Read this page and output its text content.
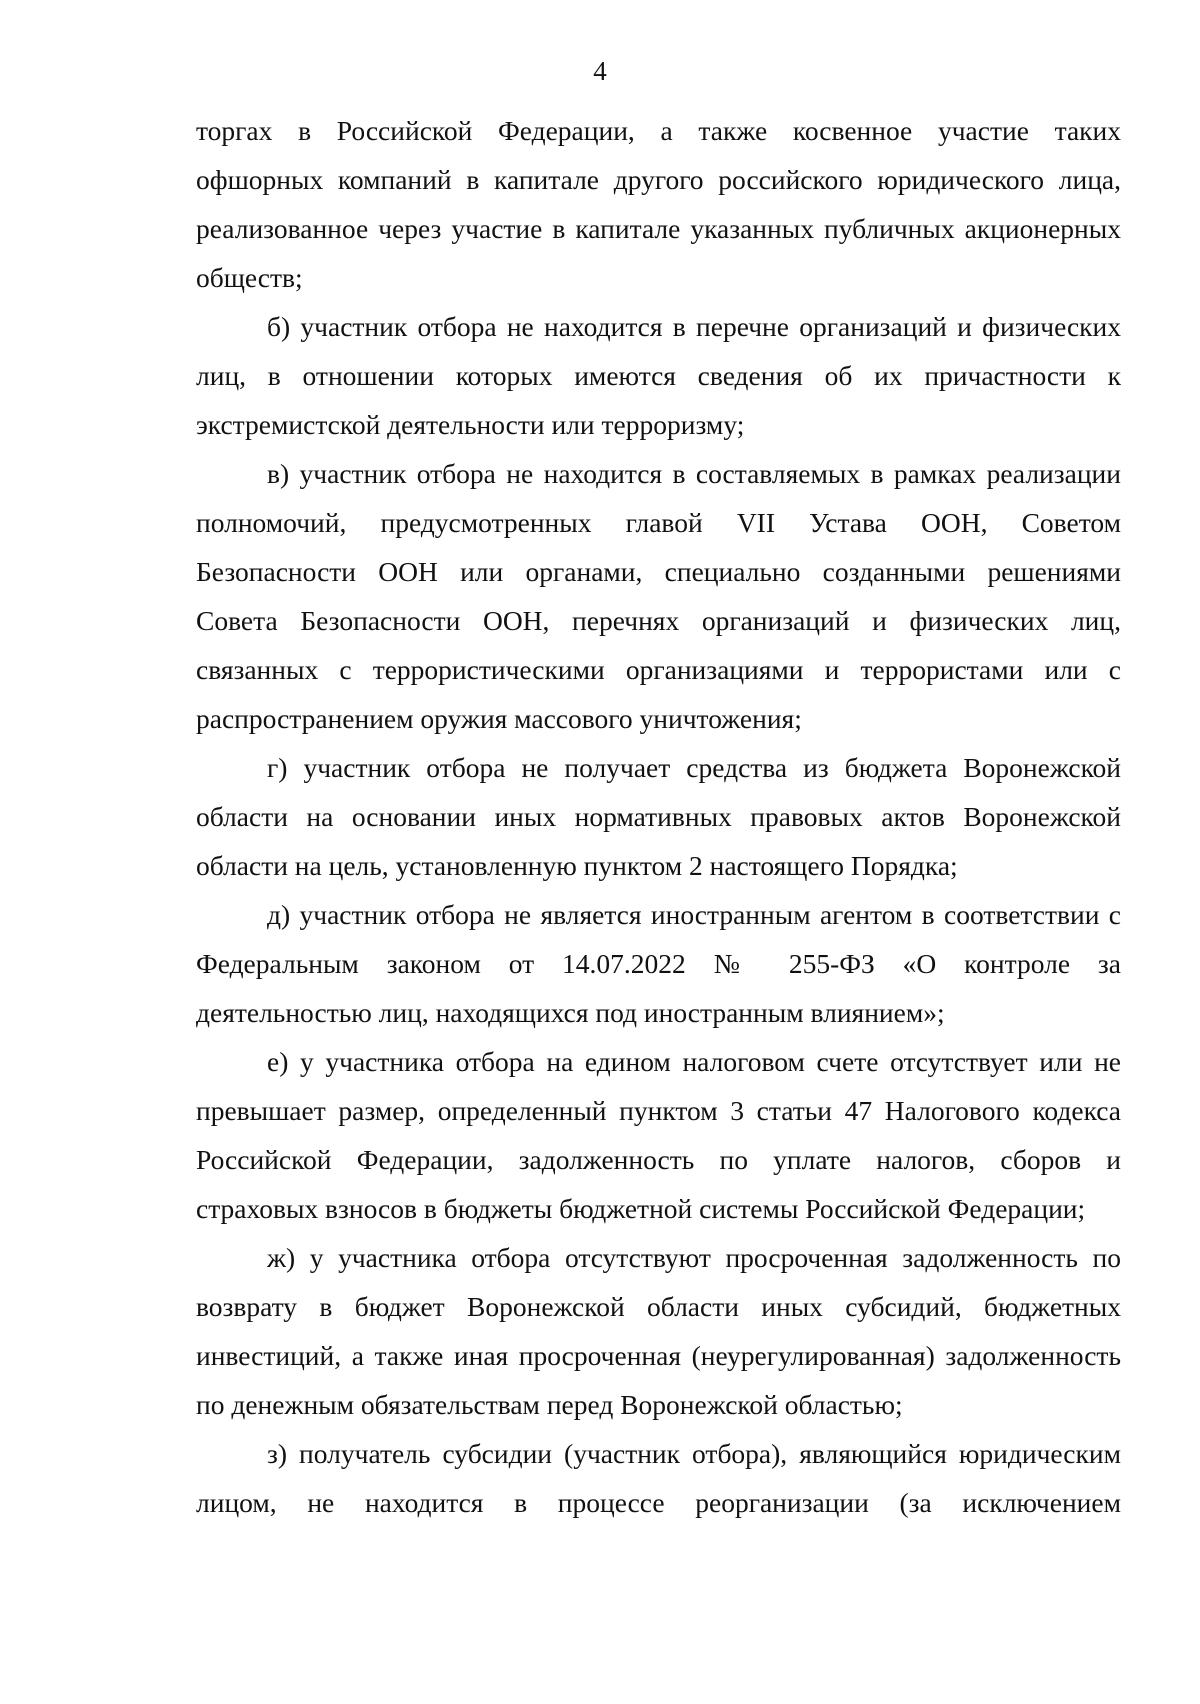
4
торгах в Российской Федерации, а также косвенное участие таких
офшорных компаний в капитале другого российского юридического лица,
реализованное через участие в капитале указанных публичных акционерных
обществ;
б) участник отбора не находится в перечне организаций и физических
лиц, в отношении которых имеются сведения об их причастности к
экстремистской деятельности или терроризму;
в) участник отбора не находится в составляемых в рамках реализации
полномочий, предусмотренных главой VII Устава ООН, Советом
Безопасности ООН или органами, специально созданными решениями
Совета Безопасности ООН, перечнях организаций и физических лиц,
связанных с террористическими организациями и террористами или с
распространением оружия массового уничтожения;
г) участник отбора не получает средства из бюджета Воронежской
области на основании иных нормативных правовых актов Воронежской
области на цель, установленную пунктом 2 настоящего Порядка;
д) участник отбора не является иностранным агентом в соответствии с
Федеральным законом от 14.07.2022 № 255-ФЗ «О контроле за
деятельностью лиц, находящихся под иностранным влиянием»;
е) у участника отбора на едином налоговом счете отсутствует или не
превышает размер, определенный пунктом 3 статьи 47 Налогового кодекса
Российской Федерации, задолженность по уплате налогов, сборов и
страховых взносов в бюджеты бюджетной системы Российской Федерации;
ж) у участника отбора отсутствуют просроченная задолженность по
возврату в бюджет Воронежской области иных субсидий, бюджетных
инвестиций, а также иная просроченная (неурегулированная) задолженность
по денежным обязательствам перед Воронежской областью;
з) получатель субсидии (участник отбора), являющийся юридическим
лицом, не находится в процессе реорганизации (за исключением
